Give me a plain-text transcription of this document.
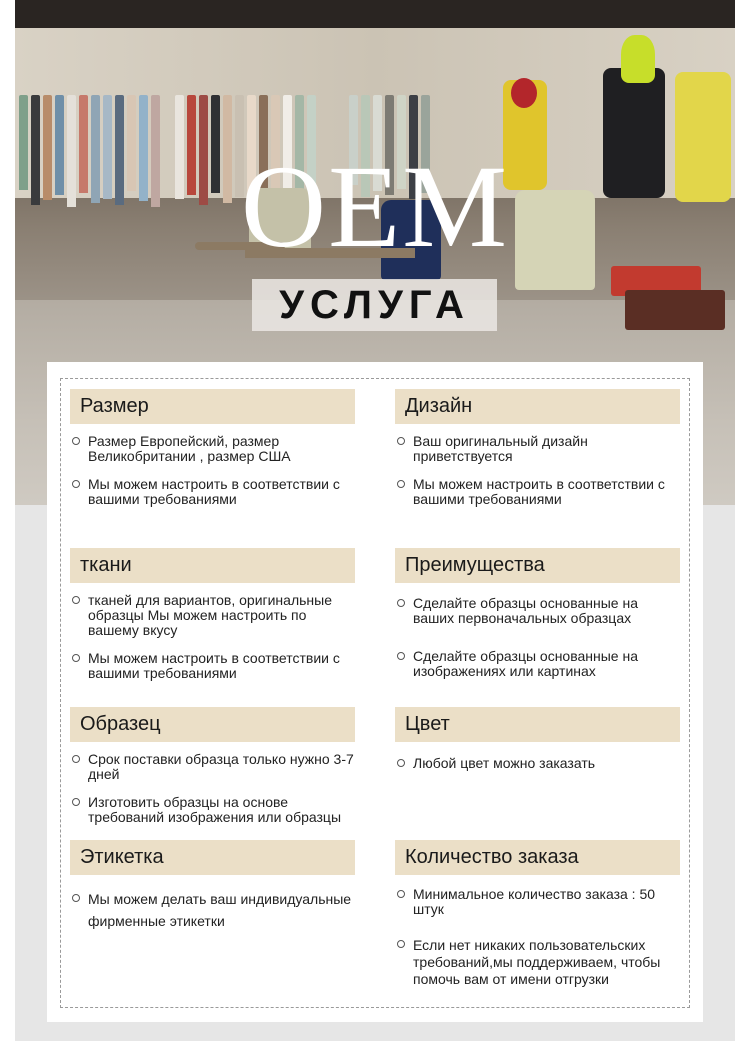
OEM
УСЛУГА
Размер
Размер Европейский, размер Великобритании , размер США
Мы можем настроить в соответствии с вашими требованиями
Дизайн
Ваш оригинальный дизайн приветствуется
Мы можем настроить в соответствии с вашими требованиями
ткани
тканей для вариантов, оригинальные образцы Мы можем настроить по вашему вкусу
Мы можем настроить в соответствии с вашими требованиями
Преимущества
Сделайте образцы основанные на ваших первоначальных образцах
Сделайте образцы основанные на изображениях или картинах
Образец
Срок поставки образца только нужно 3-7 дней
Изготовить образцы на основе требований изображения или образцы
Цвет
Любой цвет можно заказать
Этикетка
Мы можем делать ваш индивидуальные фирменные этикетки
Количество заказа
Минимальное количество заказа : 50 штук
Если нет никаких пользовательских требований,мы поддерживаем, чтобы помочь вам от имени отгрузки
